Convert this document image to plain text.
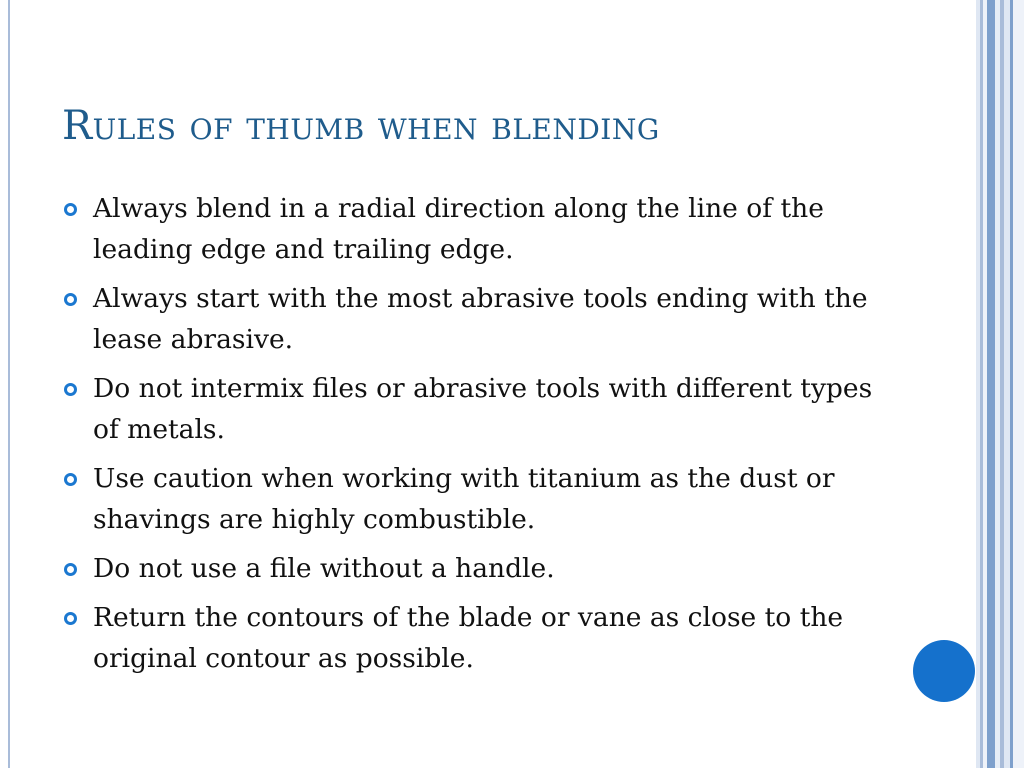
Rules of thumb when blending
Always blend in a radial direction along the line of the leading edge and trailing edge.
Always start with the most abrasive tools ending with the lease abrasive.
Do not intermix files or abrasive tools with different types of metals.
Use caution when working with titanium as the dust or shavings are highly combustible.
Do not use a file without a handle.
Return the contours of the blade or vane as close to the original contour as possible.
